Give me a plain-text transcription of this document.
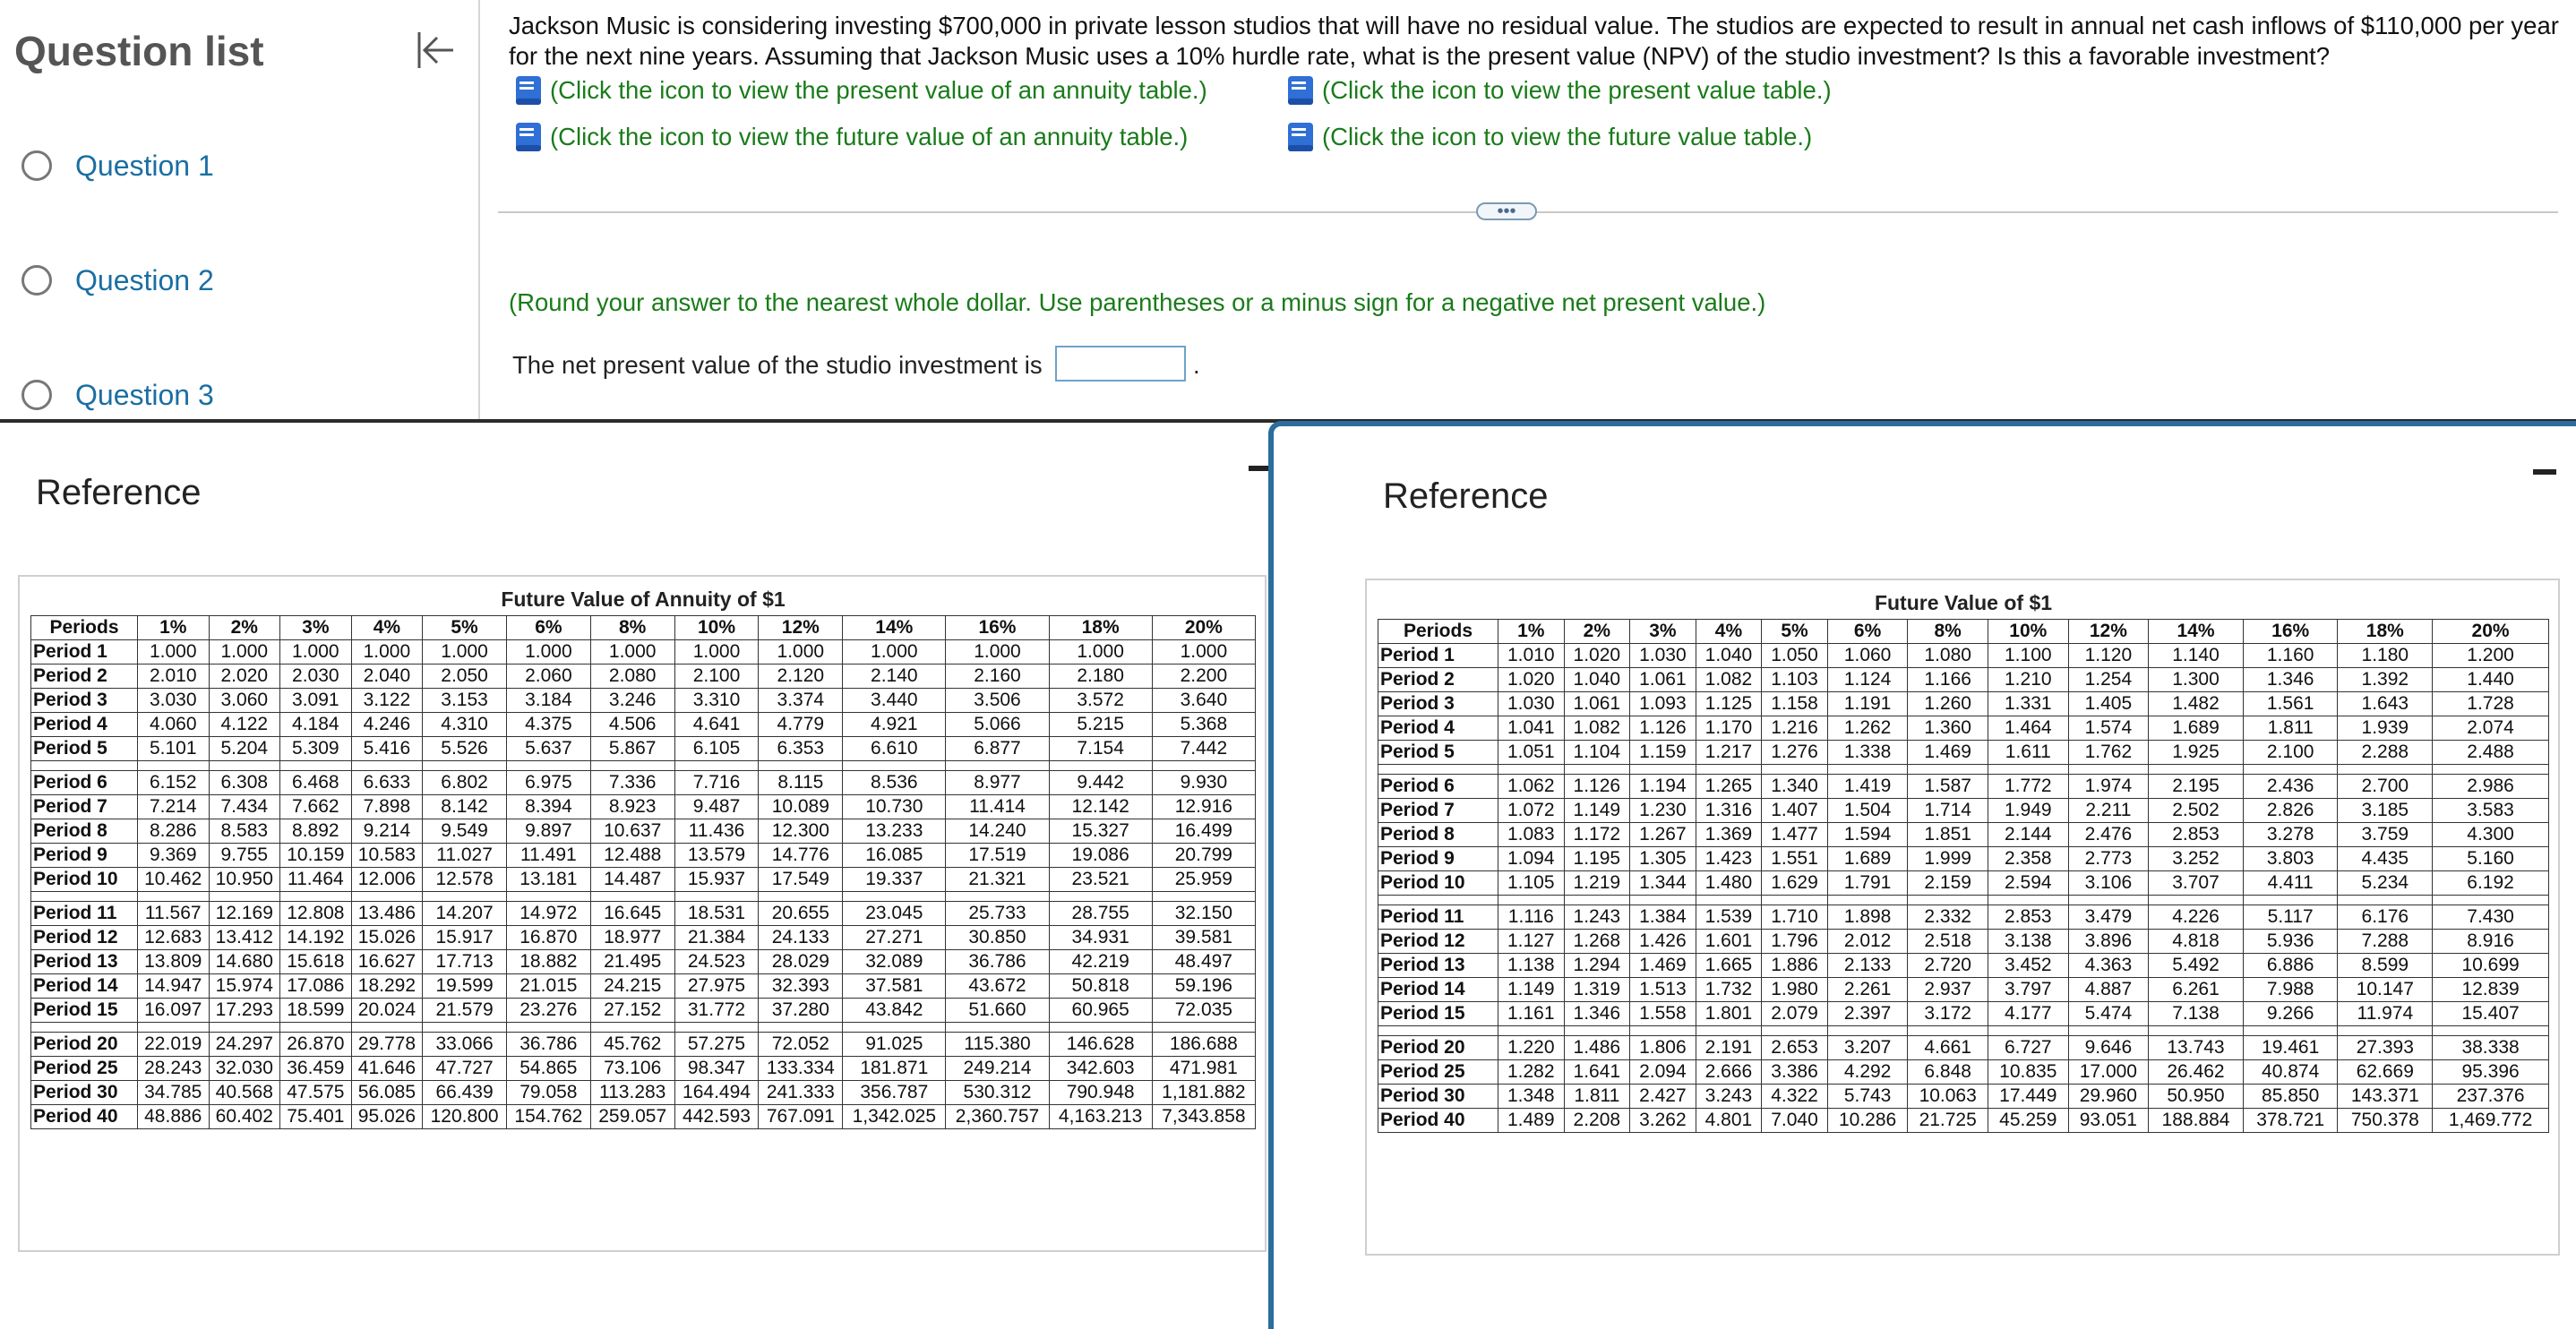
Question list
Question 1
Question 2
Question 3
Jackson Music is considering investing $700,000 in private lesson studios that will have no residual value. The studios are expected to result in annual net cash inflows of $110,000 per year for the next nine years. Assuming that Jackson Music uses a 10% hurdle rate, what is the present value (NPV) of the studio investment? Is this a favorable investment?
(Click the icon to view the present value of an annuity table.)	(Click the icon to view the present value table.)
(Click the icon to view the future value of an annuity table.)	(Click the icon to view the future value table.)
•••
(Round your answer to the nearest whole dollar. Use parentheses or a minus sign for a negative net present value.)
The net present value of the studio investment is	.
Reference
Future Value of Annuity of $1
Periods	1%	2%	3%	4%	5%	6%	8%	10%	12%	14%	16%	18%	20%
Period 1	1.000	1.000	1.000	1.000	1.000	1.000	1.000	1.000	1.000	1.000	1.000	1.000	1.000
Period 2	2.010	2.020	2.030	2.040	2.050	2.060	2.080	2.100	2.120	2.140	2.160	2.180	2.200
Period 3	3.030	3.060	3.091	3.122	3.153	3.184	3.246	3.310	3.374	3.440	3.506	3.572	3.640
Period 4	4.060	4.122	4.184	4.246	4.310	4.375	4.506	4.641	4.779	4.921	5.066	5.215	5.368
Period 5	5.101	5.204	5.309	5.416	5.526	5.637	5.867	6.105	6.353	6.610	6.877	7.154	7.442

Period 6	6.152	6.308	6.468	6.633	6.802	6.975	7.336	7.716	8.115	8.536	8.977	9.442	9.930
Period 7	7.214	7.434	7.662	7.898	8.142	8.394	8.923	9.487	10.089	10.730	11.414	12.142	12.916
Period 8	8.286	8.583	8.892	9.214	9.549	9.897	10.637	11.436	12.300	13.233	14.240	15.327	16.499
Period 9	9.369	9.755	10.159	10.583	11.027	11.491	12.488	13.579	14.776	16.085	17.519	19.086	20.799
Period 10	10.462	10.950	11.464	12.006	12.578	13.181	14.487	15.937	17.549	19.337	21.321	23.521	25.959

Period 11	11.567	12.169	12.808	13.486	14.207	14.972	16.645	18.531	20.655	23.045	25.733	28.755	32.150
Period 12	12.683	13.412	14.192	15.026	15.917	16.870	18.977	21.384	24.133	27.271	30.850	34.931	39.581
Period 13	13.809	14.680	15.618	16.627	17.713	18.882	21.495	24.523	28.029	32.089	36.786	42.219	48.497
Period 14	14.947	15.974	17.086	18.292	19.599	21.015	24.215	27.975	32.393	37.581	43.672	50.818	59.196
Period 15	16.097	17.293	18.599	20.024	21.579	23.276	27.152	31.772	37.280	43.842	51.660	60.965	72.035

Period 20	22.019	24.297	26.870	29.778	33.066	36.786	45.762	57.275	72.052	91.025	115.380	146.628	186.688
Period 25	28.243	32.030	36.459	41.646	47.727	54.865	73.106	98.347	133.334	181.871	249.214	342.603	471.981
Period 30	34.785	40.568	47.575	56.085	66.439	79.058	113.283	164.494	241.333	356.787	530.312	790.948	1,181.882
Period 40	48.886	60.402	75.401	95.026	120.800	154.762	259.057	442.593	767.091	1,342.025	2,360.757	4,163.213	7,343.858
Reference
Future Value of $1
Periods	1%	2%	3%	4%	5%	6%	8%	10%	12%	14%	16%	18%	20%
Period 1	1.010	1.020	1.030	1.040	1.050	1.060	1.080	1.100	1.120	1.140	1.160	1.180	1.200
Period 2	1.020	1.040	1.061	1.082	1.103	1.124	1.166	1.210	1.254	1.300	1.346	1.392	1.440
Period 3	1.030	1.061	1.093	1.125	1.158	1.191	1.260	1.331	1.405	1.482	1.561	1.643	1.728
Period 4	1.041	1.082	1.126	1.170	1.216	1.262	1.360	1.464	1.574	1.689	1.811	1.939	2.074
Period 5	1.051	1.104	1.159	1.217	1.276	1.338	1.469	1.611	1.762	1.925	2.100	2.288	2.488

Period 6	1.062	1.126	1.194	1.265	1.340	1.419	1.587	1.772	1.974	2.195	2.436	2.700	2.986
Period 7	1.072	1.149	1.230	1.316	1.407	1.504	1.714	1.949	2.211	2.502	2.826	3.185	3.583
Period 8	1.083	1.172	1.267	1.369	1.477	1.594	1.851	2.144	2.476	2.853	3.278	3.759	4.300
Period 9	1.094	1.195	1.305	1.423	1.551	1.689	1.999	2.358	2.773	3.252	3.803	4.435	5.160
Period 10	1.105	1.219	1.344	1.480	1.629	1.791	2.159	2.594	3.106	3.707	4.411	5.234	6.192

Period 11	1.116	1.243	1.384	1.539	1.710	1.898	2.332	2.853	3.479	4.226	5.117	6.176	7.430
Period 12	1.127	1.268	1.426	1.601	1.796	2.012	2.518	3.138	3.896	4.818	5.936	7.288	8.916
Period 13	1.138	1.294	1.469	1.665	1.886	2.133	2.720	3.452	4.363	5.492	6.886	8.599	10.699
Period 14	1.149	1.319	1.513	1.732	1.980	2.261	2.937	3.797	4.887	6.261	7.988	10.147	12.839
Period 15	1.161	1.346	1.558	1.801	2.079	2.397	3.172	4.177	5.474	7.138	9.266	11.974	15.407

Period 20	1.220	1.486	1.806	2.191	2.653	3.207	4.661	6.727	9.646	13.743	19.461	27.393	38.338
Period 25	1.282	1.641	2.094	2.666	3.386	4.292	6.848	10.835	17.000	26.462	40.874	62.669	95.396
Period 30	1.348	1.811	2.427	3.243	4.322	5.743	10.063	17.449	29.960	50.950	85.850	143.371	237.376
Period 40	1.489	2.208	3.262	4.801	7.040	10.286	21.725	45.259	93.051	188.884	378.721	750.378	1,469.772
